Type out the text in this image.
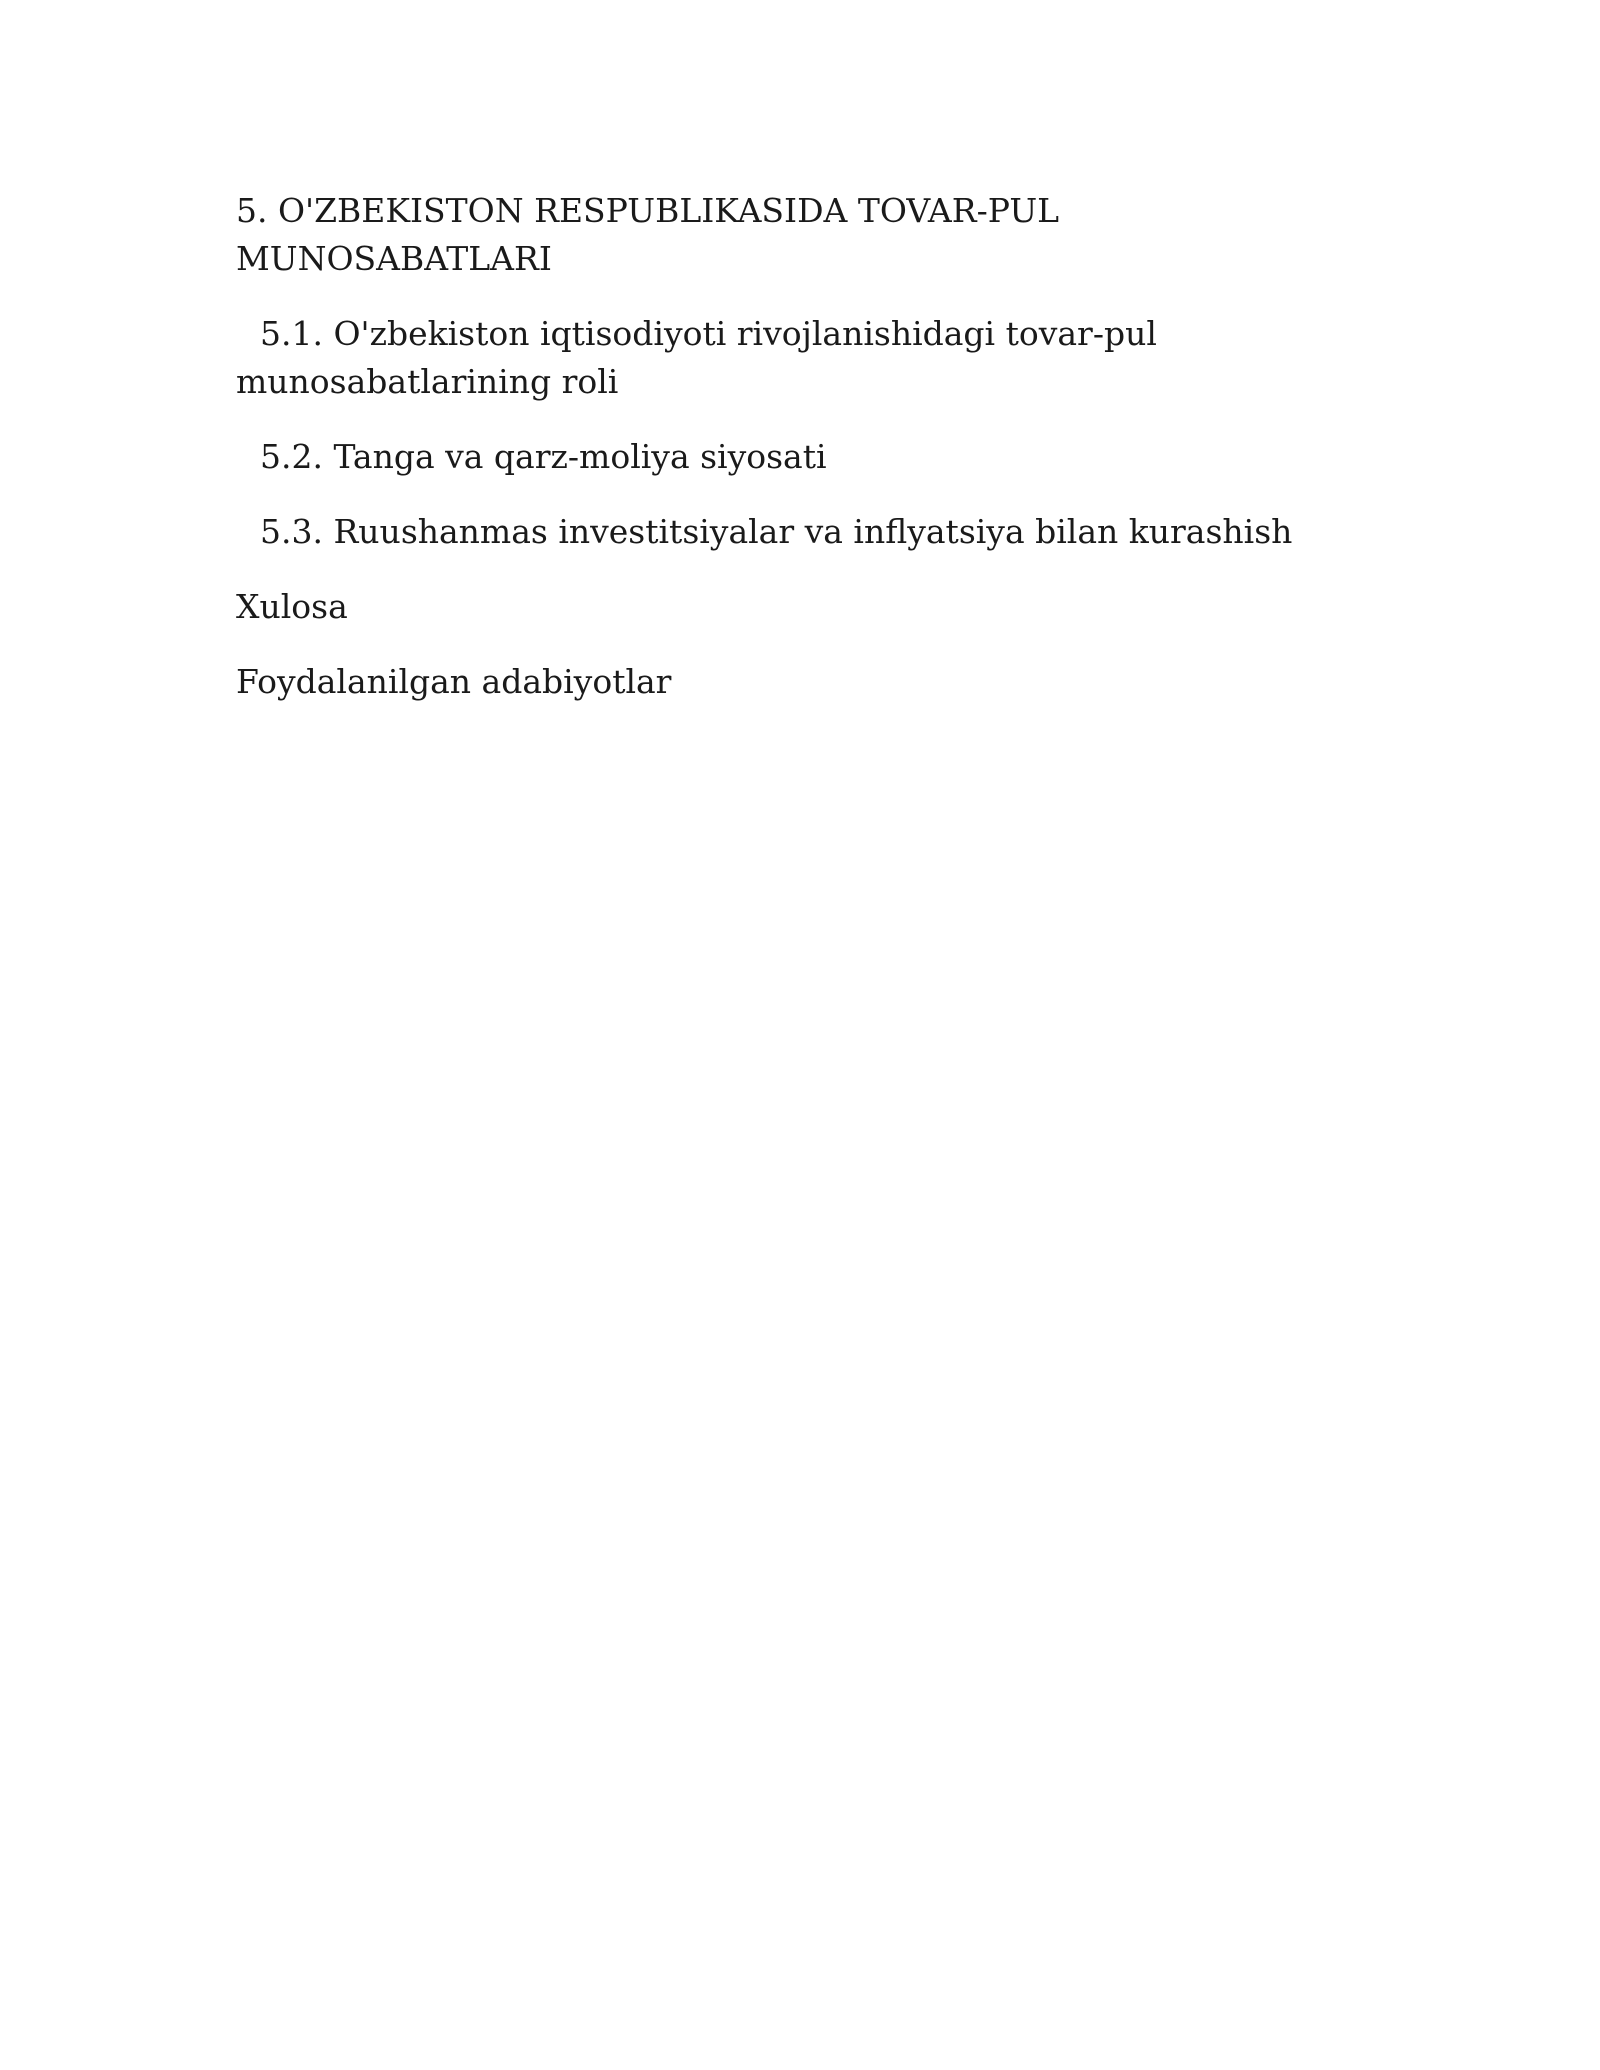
5. O'ZBEKISTON RESPUBLIKASIDA TOVAR-PUL MUNOSABATLARI

5.1. O'zbekiston iqtisodiyoti rivojlanishidagi tovar-pul munosabatlarining roli

5.2. Tanga va qarz-moliya siyosati

5.3. Ruushanmas investitsiyalar va inflyatsiya bilan kurashish

Xulosa

Foydalanilgan adabiyotlar
